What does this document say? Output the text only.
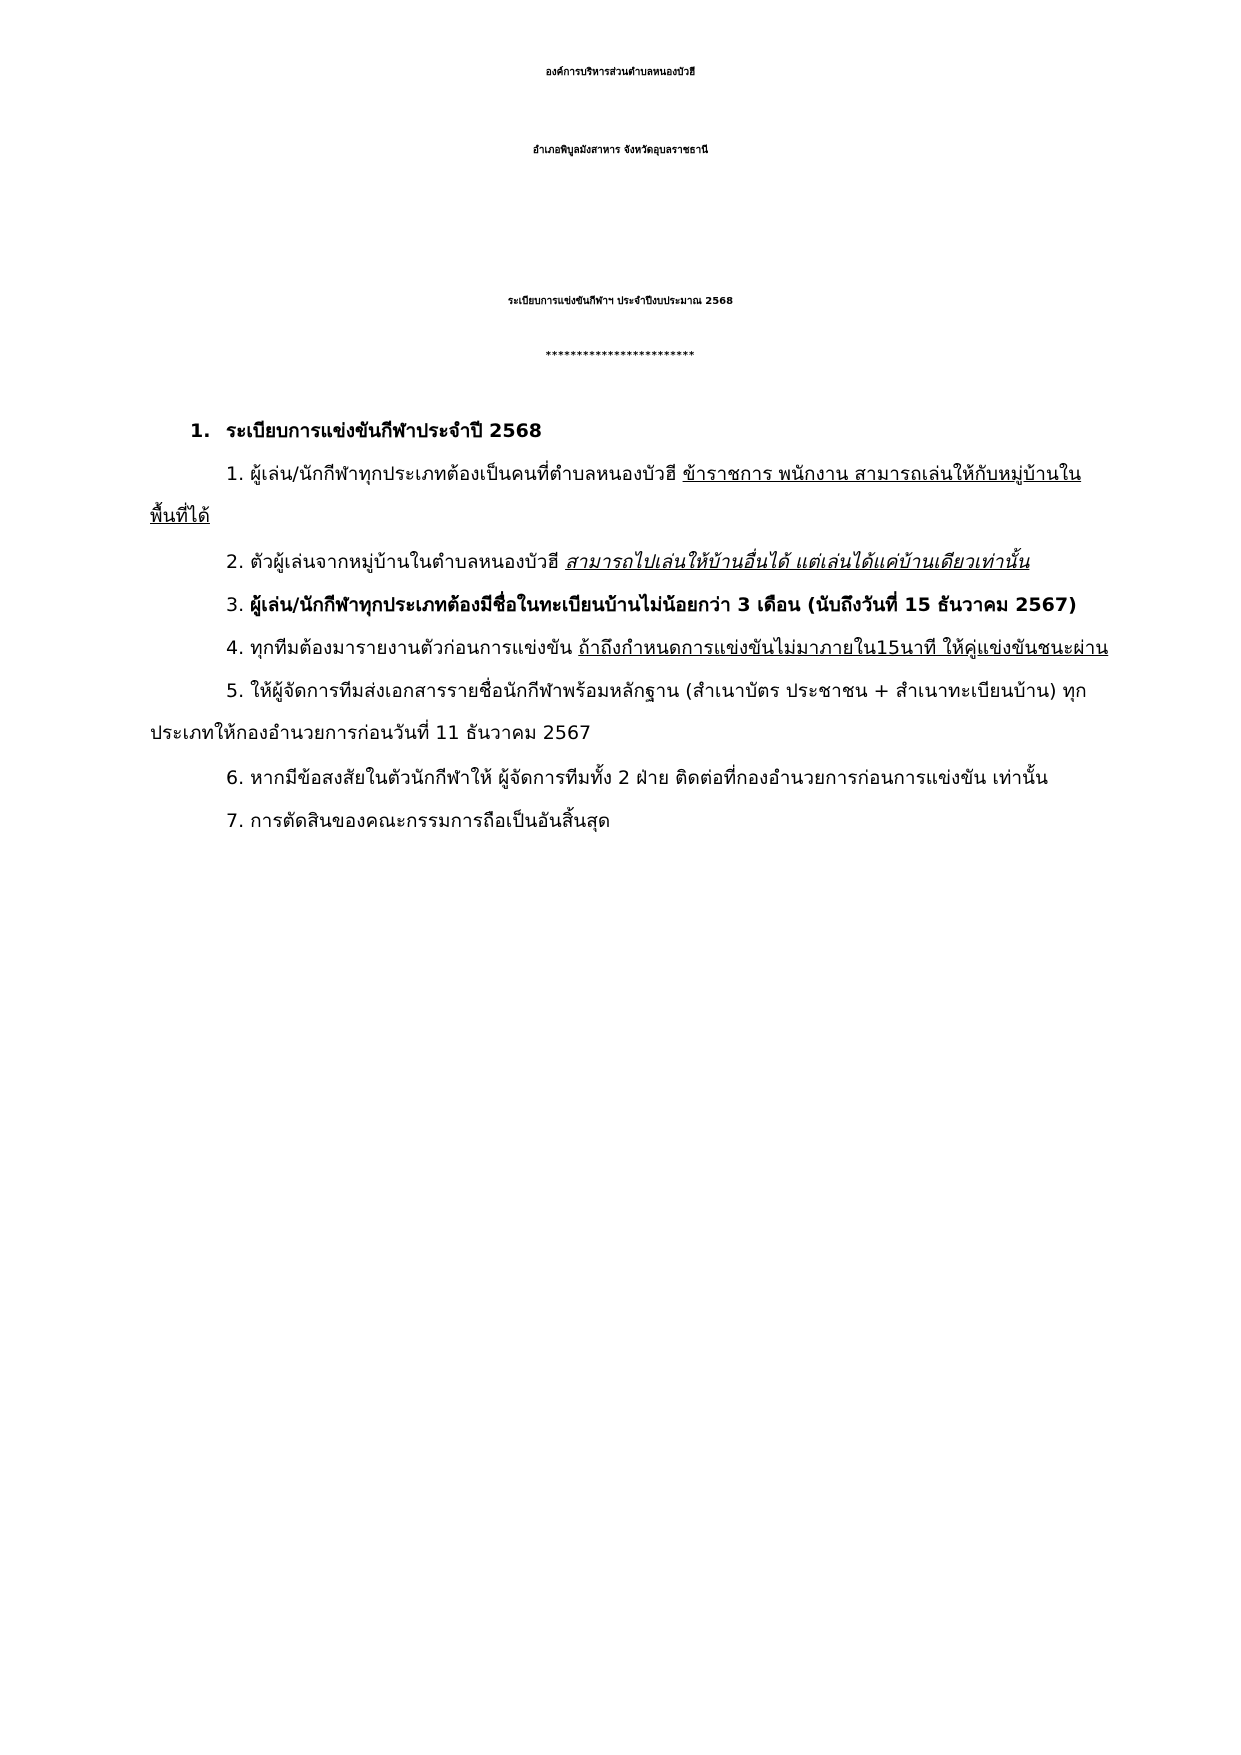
องค์การบริหารส่วนตำบลหนองบัวฮี
อำเภอพิบูลมังสาหาร จังหวัดอุบลราชธานี
ระเบียบการแข่งขันกีฬาฯ ประจำปีงบประมาณ 2568
************************
1. ระเบียบการแข่งขันกีฬาประจำปี 2568
1. ผู้เล่น/นักกีฬาทุกประเภทต้องเป็นคนที่ตำบลหนองบัวฮี ข้าราชการ พนักงาน สามารถเล่นให้กับหมู่บ้านใน
พื้นที่ได้
2. ตัวผู้เล่นจากหมู่บ้านในตำบลหนองบัวฮี สามารถไปเล่นให้บ้านอื่นได้ แต่เล่นได้แค่บ้านเดียวเท่านั้น
3. ผู้เล่น/นักกีฬาทุกประเภทต้องมีชื่อในทะเบียนบ้านไม่น้อยกว่า 3 เดือน (นับถึงวันที่ 15 ธันวาคม 2567)
4. ทุกทีมต้องมารายงานตัวก่อนการแข่งขัน ถ้าถึงกำหนดการแข่งขันไม่มาภายใน15นาที ให้คู่แข่งขันชนะผ่าน
5. ให้ผู้จัดการทีมส่งเอกสารรายชื่อนักกีฬาพร้อมหลักฐาน (สำเนาบัตร ประชาชน + สำเนาทะเบียนบ้าน) ทุก
ประเภทให้กองอำนวยการก่อนวันที่ 11 ธันวาคม 2567
6. หากมีข้อสงสัยในตัวนักกีฬาให้ ผู้จัดการทีมทั้ง 2 ฝ่าย ติดต่อที่กองอำนวยการก่อนการแข่งขัน เท่านั้น
7. การตัดสินของคณะกรรมการถือเป็นอันสิ้นสุด
